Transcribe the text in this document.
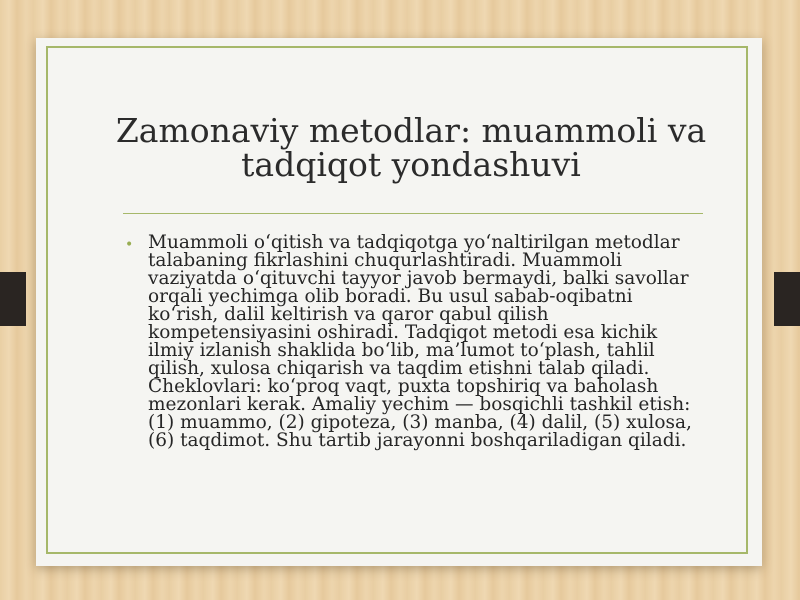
Zamonaviy metodlar: muammoli va tadqiqot yondashuvi
• Muammoli o‘qitish va tadqiqotga yo‘naltirilgan metodlar talabaning fikrlashini chuqurlashtiradi. Muammoli vaziyatda o‘qituvchi tayyor javob bermaydi, balki savollar orqali yechimga olib boradi. Bu usul sabab-oqibatni ko‘rish, dalil keltirish va qaror qabul qilish kompetensiyasini oshiradi. Tadqiqot metodi esa kichik ilmiy izlanish shaklida bo‘lib, ma’lumot to‘plash, tahlil qilish, xulosa chiqarish va taqdim etishni talab qiladi. Cheklovlari: ko‘proq vaqt, puxta topshiriq va baholash mezonlari kerak. Amaliy yechim — bosqichli tashkil etish: (1) muammo, (2) gipoteza, (3) manba, (4) dalil, (5) xulosa, (6) taqdimot. Shu tartib jarayonni boshqariladigan qiladi.
